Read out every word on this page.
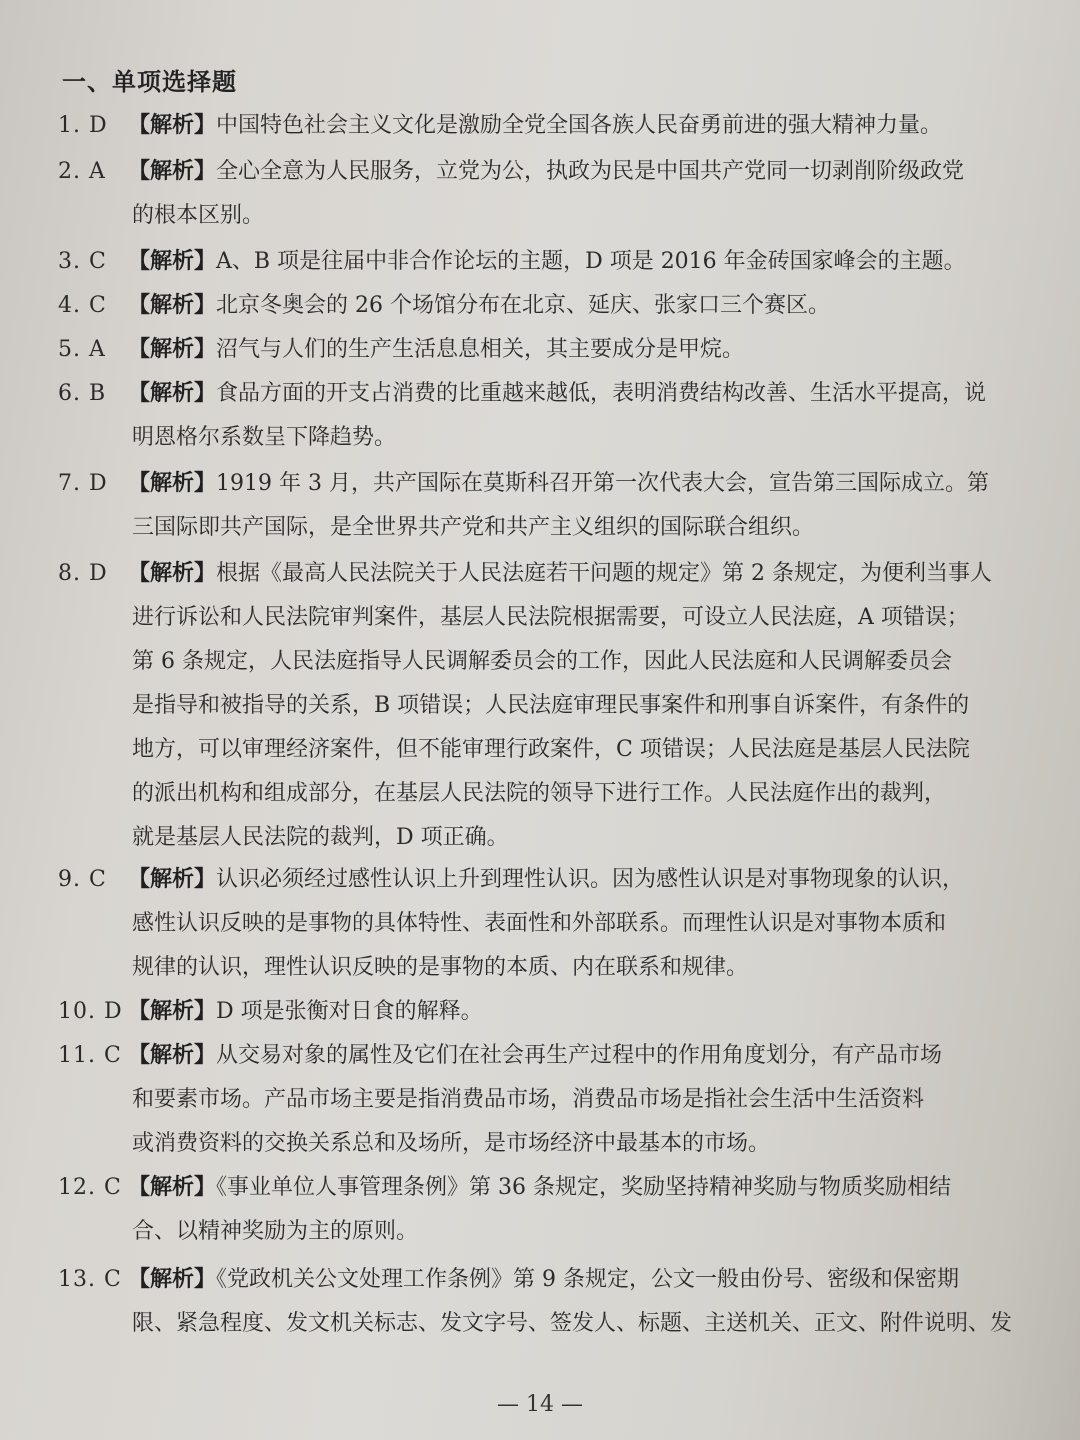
一、单项选择题
1. D 【解析】中国特色社会主义文化是激励全党全国各族人民奋勇前进的强大精神力量。
2. A 【解析】全心全意为人民服务，立党为公，执政为民是中国共产党同一切剥削阶级政党
的根本区别。
3. C 【解析】A、B 项是往届中非合作论坛的主题，D 项是 2016 年金砖国家峰会的主题。
4. C 【解析】北京冬奥会的 26 个场馆分布在北京、延庆、张家口三个赛区。
5. A 【解析】沼气与人们的生产生活息息相关，其主要成分是甲烷。
6. B 【解析】食品方面的开支占消费的比重越来越低，表明消费结构改善、生活水平提高，说
明恩格尔系数呈下降趋势。
7. D 【解析】1919 年 3 月，共产国际在莫斯科召开第一次代表大会，宣告第三国际成立。第
三国际即共产国际，是全世界共产党和共产主义组织的国际联合组织。
8. D 【解析】根据《最高人民法院关于人民法庭若干问题的规定》第 2 条规定，为便利当事人
进行诉讼和人民法院审判案件，基层人民法院根据需要，可设立人民法庭，A 项错误；
第 6 条规定，人民法庭指导人民调解委员会的工作，因此人民法庭和人民调解委员会
是指导和被指导的关系，B 项错误；人民法庭审理民事案件和刑事自诉案件，有条件的
地方，可以审理经济案件，但不能审理行政案件，C 项错误；人民法庭是基层人民法院
的派出机构和组成部分，在基层人民法院的领导下进行工作。人民法庭作出的裁判，
就是基层人民法院的裁判，D 项正确。
9. C 【解析】认识必须经过感性认识上升到理性认识。因为感性认识是对事物现象的认识，
感性认识反映的是事物的具体特性、表面性和外部联系。而理性认识是对事物本质和
规律的认识，理性认识反映的是事物的本质、内在联系和规律。
10. D 【解析】D 项是张衡对日食的解释。
11. C 【解析】从交易对象的属性及它们在社会再生产过程中的作用角度划分，有产品市场
和要素市场。产品市场主要是指消费品市场，消费品市场是指社会生活中生活资料
或消费资料的交换关系总和及场所，是市场经济中最基本的市场。
12. C 【解析】《事业单位人事管理条例》第 36 条规定，奖励坚持精神奖励与物质奖励相结
合、以精神奖励为主的原则。
13. C 【解析】《党政机关公文处理工作条例》第 9 条规定，公文一般由份号、密级和保密期
限、紧急程度、发文机关标志、发文字号、签发人、标题、主送机关、正文、附件说明、发
— 14 —
